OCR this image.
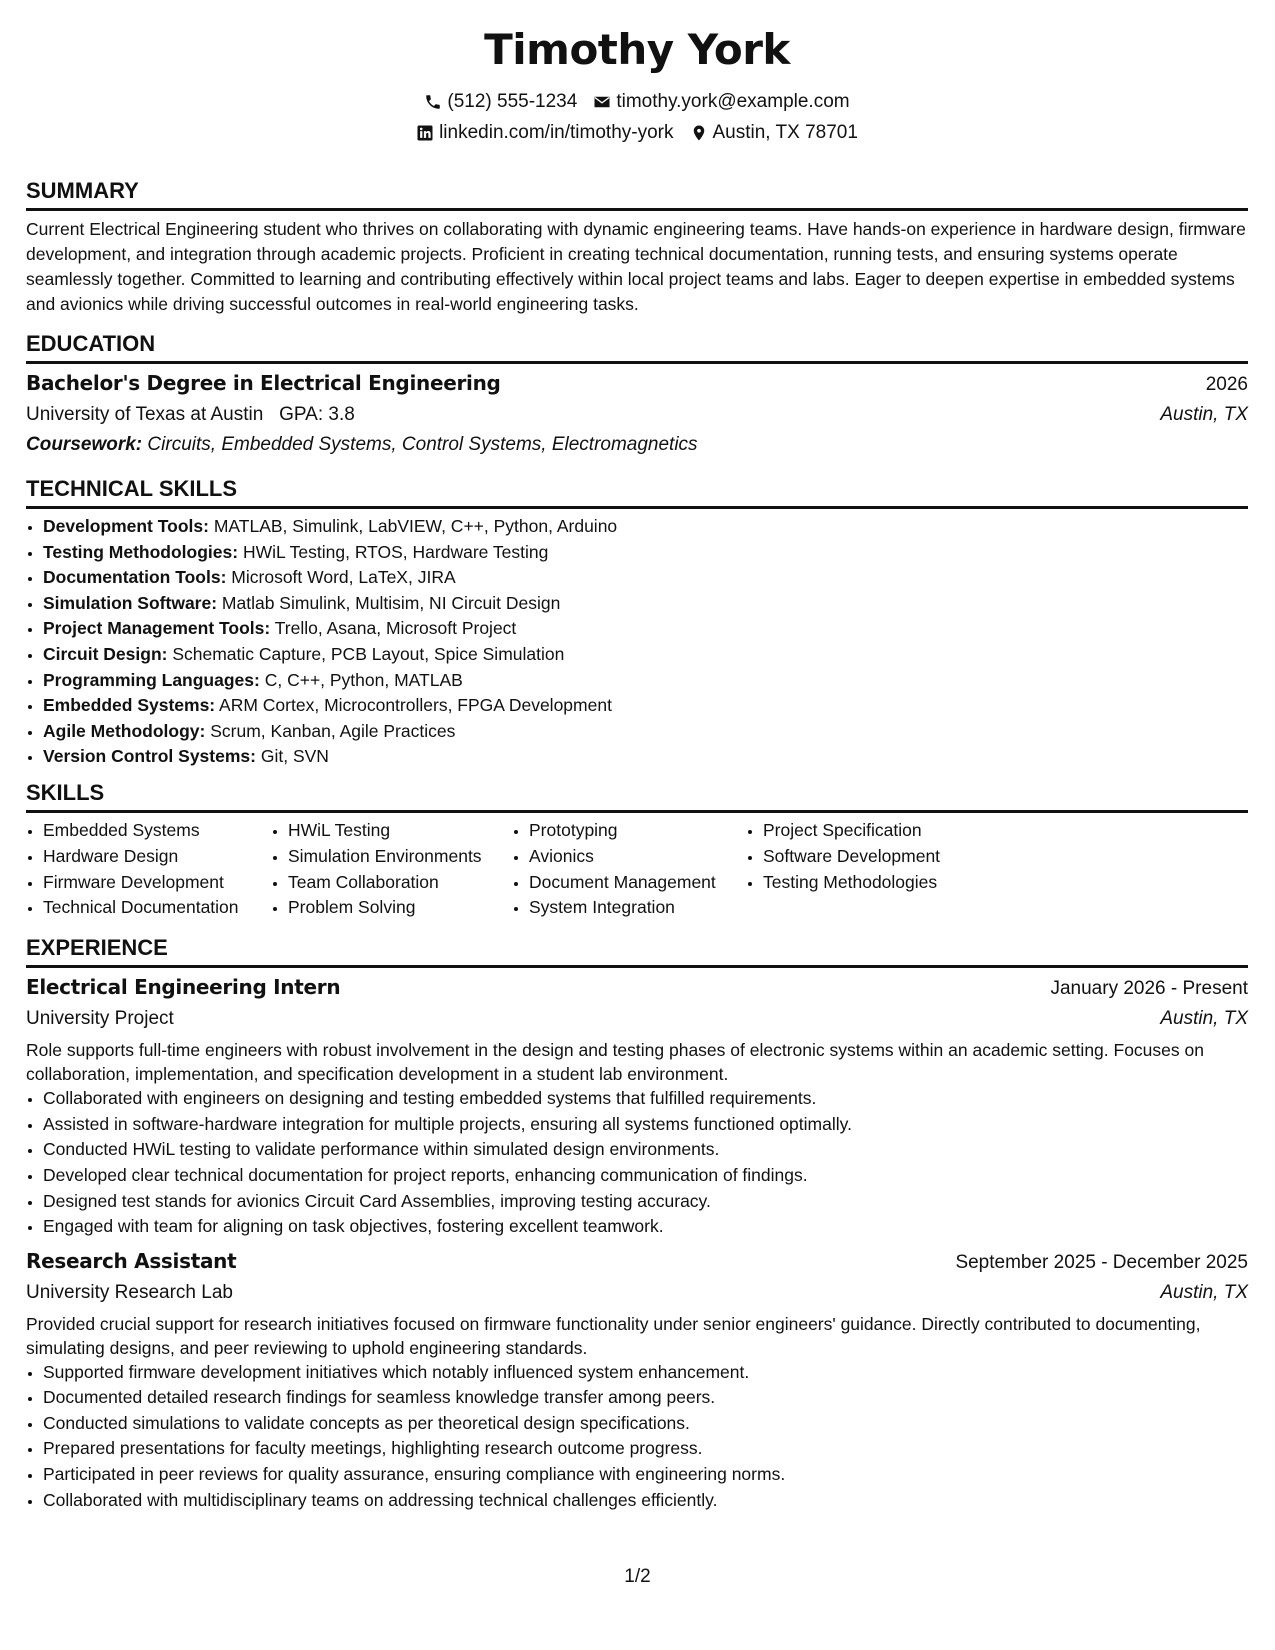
Timothy York
(512) 555-1234 timothy.york@example.com
linkedin.com/in/timothy-york Austin, TX 78701
SUMMARY

Current Electrical Engineering student who thrives on collaborating with dynamic engineering teams. Have hands-on experience in hardware design, firmware development, and integration through academic projects. Proficient in creating technical documentation, running tests, and ensuring systems operate seamlessly together. Committed to learning and contributing effectively within local project teams and labs. Eager to deepen expertise in embedded systems and avionics while driving successful outcomes in real-world engineering tasks.

EDUCATION
Bachelor's Degree in Electrical Engineering	2026
University of Texas at Austin GPA: 3.8	Austin, TX
Coursework: Circuits, Embedded Systems, Control Systems, Electromagnetics
TECHNICAL SKILLS
• Development Tools: MATLAB, Simulink, LabVIEW, C++, Python, Arduino
• Testing Methodologies: HWiL Testing, RTOS, Hardware Testing
• Documentation Tools: Microsoft Word, LaTeX, JIRA
• Simulation Software: Matlab Simulink, Multisim, NI Circuit Design
• Project Management Tools: Trello, Asana, Microsoft Project
• Circuit Design: Schematic Capture, PCB Layout, Spice Simulation
• Programming Languages: C, C++, Python, MATLAB
• Embedded Systems: ARM Cortex, Microcontrollers, FPGA Development
• Agile Methodology: Scrum, Kanban, Agile Practices
• Version Control Systems: Git, SVN
SKILLS
• Embedded Systems
• Hardware Design
• Firmware Development
• Technical Documentation
• HWiL Testing
• Simulation Environments
• Team Collaboration
• Problem Solving
• Prototyping
• Avionics
• Document Management
• System Integration
• Project Specification
• Software Development
• Testing Methodologies
EXPERIENCE
Electrical Engineering Intern	January 2026 - Present
University Project	Austin, TX

Role supports full-time engineers with robust involvement in the design and testing phases of electronic systems within an academic setting. Focuses on collaboration, implementation, and specification development in a student lab environment.

• Collaborated with engineers on designing and testing embedded systems that fulfilled requirements.
• Assisted in software-hardware integration for multiple projects, ensuring all systems functioned optimally.
• Conducted HWiL testing to validate performance within simulated design environments.
• Developed clear technical documentation for project reports, enhancing communication of findings.
• Designed test stands for avionics Circuit Card Assemblies, improving testing accuracy.
• Engaged with team for aligning on task objectives, fostering excellent teamwork.
Research Assistant	September 2025 - December 2025
University Research Lab	Austin, TX

Provided crucial support for research initiatives focused on firmware functionality under senior engineers' guidance. Directly contributed to documenting, simulating designs, and peer reviewing to uphold engineering standards.

• Supported firmware development initiatives which notably influenced system enhancement.
• Documented detailed research findings for seamless knowledge transfer among peers.
• Conducted simulations to validate concepts as per theoretical design specifications.
• Prepared presentations for faculty meetings, highlighting research outcome progress.
• Participated in peer reviews for quality assurance, ensuring compliance with engineering norms.
• Collaborated with multidisciplinary teams on addressing technical challenges efficiently.
1/2
